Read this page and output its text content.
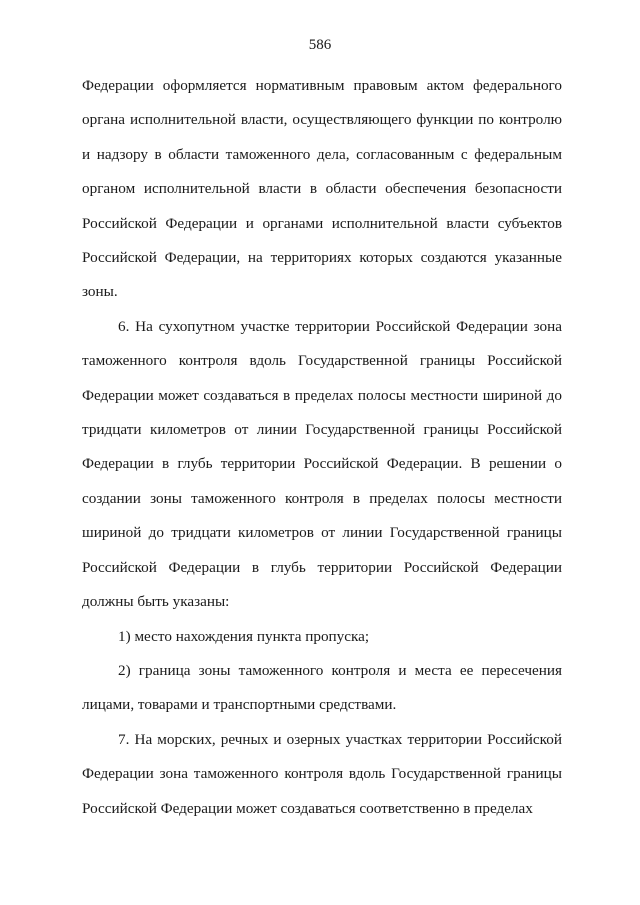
586

Федерации оформляется нормативным правовым актом федерального органа исполнительной власти, осуществляющего функции по контролю и надзору в области таможенного дела, согласованным с федеральным органом исполнительной власти в области обеспечения безопасности Российской Федерации и органами исполнительной власти субъектов Российской Федерации, на территориях которых создаются указанные зоны.

6. На сухопутном участке территории Российской Федерации зона таможенного контроля вдоль Государственной границы Российской Федерации может создаваться в пределах полосы местности шириной до тридцати километров от линии Государственной границы Российской Федерации в глубь территории Российской Федерации. В решении о создании зоны таможенного контроля в пределах полосы местности шириной до тридцати километров от линии Государственной границы Российской Федерации в глубь территории Российской Федерации должны быть указаны:

1) место нахождения пункта пропуска;

2) граница зоны таможенного контроля и места ее пересечения лицами, товарами и транспортными средствами.

7. На морских, речных и озерных участках территории Российской Федерации зона таможенного контроля вдоль Государственной границы Российской Федерации может создаваться соответственно в пределах
